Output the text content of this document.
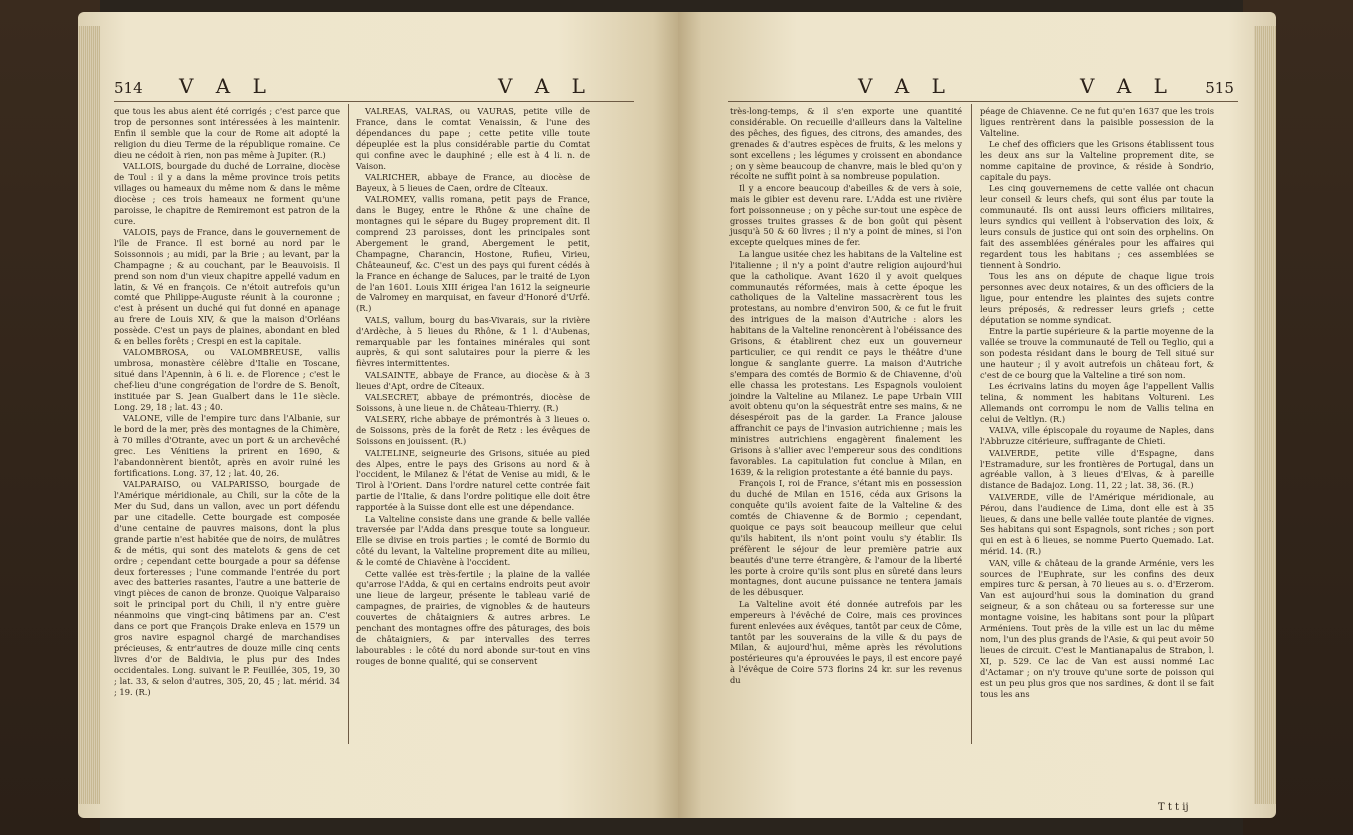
514 V A L	V A L

que tous les abus aient été corrigés ; c'est parce que trop de personnes sont intéressées à les maintenir. Enfin il semble que la cour de Rome ait adopté la religion du dieu Terme de la république romaine. Ce dieu ne cédoit à rien, non pas même à Jupiter. (R.)

VALLOIS, bourgade du duché de Lorraine, diocèse de Toul : il y a dans la même province trois petits villages ou hameaux du même nom & dans le même diocèse ; ces trois hameaux ne forment qu'une paroisse, le chapitre de Remiremont est patron de la cure.

VALOIS, pays de France, dans le gouvernement de l'île de France. Il est borné au nord par le Soissonnois ; au midi, par la Brie ; au levant, par la Champagne ; & au couchant, par le Beauvoisis. Il prend son nom d'un vieux chapitre appellé vadum en latin, & Vé en françois. Ce n'étoit autrefois qu'un comté que Philippe-Auguste réunit à la couronne ; c'est à présent un duché qui fut donné en apanage au frere de Louis XIV, & que la maison d'Orléans possède. C'est un pays de plaines, abondant en bled & en belles forêts ; Crespi en est la capitale.

VALOMBROSA, ou VALOMBREUSE, vallis umbrosa, monastère célèbre d'Italie en Toscane, situé dans l'Apennin, à 6 li. e. de Florence ; c'est le chef-lieu d'une congrégation de l'ordre de S. Benoît, instituée par S. Jean Gualbert dans le 11e siècle. Long. 29, 18 ; lat. 43 ; 40.

VALONE, ville de l'empire turc dans l'Albanie, sur le bord de la mer, près des montagnes de la Chimère, à 70 milles d'Otrante, avec un port & un archevêché grec. Les Vénitiens la prirent en 1690, & l'abandonnèrent bientôt, après en avoir ruiné les fortifications. Long. 37, 12 ; lat. 40, 26.

VALPARAISO, ou VALPARISSO, bourgade de l'Amérique méridionale, au Chili, sur la côte de la Mer du Sud, dans un vallon, avec un port défendu par une citadelle. Cette bourgade est composée d'une centaine de pauvres maisons, dont la plus grande partie n'est habitée que de noirs, de mulâtres & de métis, qui sont des matelots & gens de cet ordre ; cependant cette bourgade a pour sa défense deux forteresses ; l'une commande l'entrée du port avec des batteries rasantes, l'autre a une batterie de vingt pièces de canon de bronze. Quoique Valparaiso soit le principal port du Chili, il n'y entre guère néanmoins que vingt-cinq bâtimens par an. C'est dans ce port que François Drake enleva en 1579 un gros navire espagnol chargé de marchandises précieuses, & entr'autres de douze mille cinq cents livres d'or de Baldivia, le plus pur des Indes occidentales. Long. suivant le P. Feuillée, 305, 19, 30 ; lat. 33, & selon d'autres, 305, 20, 45 ; lat. mérid. 34 ; 19. (R.)

VALREAS, VALRAS, ou VAURAS, petite ville de France, dans le comtat Venaissin, & l'une des dépendances du pape ; cette petite ville toute dépeuplée est la plus considérable partie du Comtat qui confine avec le dauphiné ; elle est à 4 li. n. de Vaison.

VALRICHER, abbaye de France, au diocèse de Bayeux, à 5 lieues de Caen, ordre de Cîteaux.

VALROMEY, vallis romana, petit pays de France, dans le Bugey, entre le Rhône & une chaîne de montagnes qui le sépare du Bugey proprement dit. Il comprend 23 paroisses, dont les principales sont Abergement le grand, Abergement le petit, Champagne, Charancin, Hostone, Rufieu, Virieu, Châteauneuf, &c. C'est un des pays qui furent cédés à la France en échange de Saluces, par le traité de Lyon de l'an 1601. Louis XIII érigea l'an 1612 la seigneurie de Valromey en marquisat, en faveur d'Honoré d'Urfé. (R.)

VALS, vallum, bourg du bas-Vivarais, sur la rivière d'Ardèche, à 5 lieues du Rhône, & 1 l. d'Aubenas, remarquable par les fontaines minérales qui sont auprès, & qui sont salutaires pour la pierre & les fièvres intermittentes.

VALSAINTE, abbaye de France, au diocèse & à 3 lieues d'Apt, ordre de Cîteaux.

VALSECRET, abbaye de prémontrés, diocèse de Soissons, à une lieue n. de Château-Thierry. (R.)

VALSERY, riche abbaye de prémontrés à 3 lieues o. de Soissons, près de la forêt de Retz : les évêques de Soissons en jouissent. (R.)

VALTELINE, seigneurie des Grisons, située au pied des Alpes, entre le pays des Grisons au nord & à l'occident, le Milanez & l'état de Venise au midi, & le Tirol à l'Orient. Dans l'ordre naturel cette contrée fait partie de l'Italie, & dans l'ordre politique elle doit être rapportée à la Suisse dont elle est une dépendance.

La Valteline consiste dans une grande & belle vallée traversée par l'Adda dans presque toute sa longueur. Elle se divise en trois parties ; le comté de Bormio du côté du levant, la Valteline proprement dite au milieu, & le comté de Chiavène à l'occident.

Cette vallée est très-fertile ; la plaine de la vallée qu'arrose l'Adda, & qui en certains endroits peut avoir une lieue de largeur, présente le tableau varié de campagnes, de prairies, de vignobles & de hauteurs couvertes de châtaigniers & autres arbres. Le penchant des montagnes offre des pâturages, des bois de châtaigniers, & par intervalles des terres labourables : le côté du nord abonde sur-tout en vins rouges de bonne qualité, qui se conservent

V A L	V A L 515

très-long-temps, & il s'en exporte une quantité considérable. On recueille d'ailleurs dans la Valteline des pêches, des figues, des citrons, des amandes, des grenades & d'autres espèces de fruits, & les melons y sont excellens ; les légumes y croissent en abondance ; on y sème beaucoup de chanvre, mais le bled qu'on y récolte ne suffit point à sa nombreuse population.

Il y a encore beaucoup d'abeilles & de vers à soie, mais le gibier est devenu rare. L'Adda est une rivière fort poissonneuse ; on y pêche sur-tout une espèce de grosses truites grasses & de bon goût qui pèsent jusqu'à 50 & 60 livres ; il n'y a point de mines, si l'on excepte quelques mines de fer.

La langue usitée chez les habitans de la Valteline est l'italienne ; il n'y a point d'autre religion aujourd'hui que la catholique. Avant 1620 il y avoit quelques communautés réformées, mais à cette époque les catholiques de la Valteline massacrèrent tous les protestans, au nombre d'environ 500, & ce fut le fruit des intrigues de la maison d'Autriche : alors les habitans de la Valteline renoncèrent à l'obéissance des Grisons, & établirent chez eux un gouverneur particulier, ce qui rendit ce pays le théâtre d'une longue & sanglante guerre. La maison d'Autriche s'empara des comtés de Bormio & de Chiavenne, d'où elle chassa les protestans. Les Espagnols vouloient joindre la Valteline au Milanez. Le pape Urbain VIII avoit obtenu qu'on la séquestrât entre ses mains, & ne désespéroit pas de la garder. La France jalouse affranchit ce pays de l'invasion autrichienne ; mais les ministres autrichiens engagèrent finalement les Grisons à s'allier avec l'empereur sous des conditions favorables. La capitulation fut conclue à Milan, en 1639, & la religion protestante a été bannie du pays.

François I, roi de France, s'étant mis en possession du duché de Milan en 1516, céda aux Grisons la conquête qu'ils avoient faite de la Valteline & des comtés de Chiavenne & de Bormio ; cependant, quoique ce pays soit beaucoup meilleur que celui qu'ils habitent, ils n'ont point voulu s'y établir. Ils préfèrent le séjour de leur première patrie aux beautés d'une terre étrangère, & l'amour de la liberté les porte à croire qu'ils sont plus en sûreté dans leurs montagnes, dont aucune puissance ne tentera jamais de les débusquer.

La Valteline avoit été donnée autrefois par les empereurs à l'évêché de Coire, mais ces provinces furent enlevées aux évêques, tantôt par ceux de Côme, tantôt par les souverains de la ville & du pays de Milan, & aujourd'hui, même après les révolutions postérieures qu'a éprouvées le pays, il est encore payé à l'évêque de Coire 573 florins 24 kr. sur les revenus du

péage de Chiavenne. Ce ne fut qu'en 1637 que les trois ligues rentrèrent dans la paisible possession de la Valteline.

Le chef des officiers que les Grisons établissent tous les deux ans sur la Valteline proprement dite, se nomme capitaine de province, & réside à Sondrio, capitale du pays.

Les cinq gouvernemens de cette vallée ont chacun leur conseil & leurs chefs, qui sont élus par toute la communauté. Ils ont aussi leurs officiers militaires, leurs syndics qui veillent à l'observation des loix, & leurs consuls de justice qui ont soin des orphelins. On fait des assemblées générales pour les affaires qui regardent tous les habitans ; ces assemblées se tiennent à Sondrio.

Tous les ans on députe de chaque ligue trois personnes avec deux notaires, & un des officiers de la ligue, pour entendre les plaintes des sujets contre leurs préposés, & redresser leurs griefs ; cette députation se nomme syndicat.

Entre la partie supérieure & la partie moyenne de la vallée se trouve la communauté de Tell ou Teglio, qui a son podesta résidant dans le bourg de Tell situé sur une hauteur ; il y avoit autrefois un château fort, & c'est de ce bourg que la Valteline a tiré son nom.

Les écrivains latins du moyen âge l'appellent Vallis telina, & nomment les habitans Voltureni. Les Allemands ont corrompu le nom de Vallis telina en celui de Veltlyn. (R.)

VALVA, ville épiscopale du royaume de Naples, dans l'Abbruzze citérieure, suffragante de Chieti.

VALVERDE, petite ville d'Espagne, dans l'Estramadure, sur les frontières de Portugal, dans un agréable vallon, à 3 lieues d'Elvas, & à pareille distance de Badajoz. Long. 11, 22 ; lat. 38, 36. (R.)

VALVERDE, ville de l'Amérique méridionale, au Pérou, dans l'audience de Lima, dont elle est à 35 lieues, & dans une belle vallée toute plantée de vignes. Ses habitans qui sont Espagnols, sont riches ; son port qui en est à 6 lieues, se nomme Puerto Quemado. Lat. mérid. 14. (R.)

VAN, ville & château de la grande Arménie, vers les sources de l'Euphrate, sur les confins des deux empires turc & persan, à 70 lieues au s. o. d'Erzerom. Van est aujourd'hui sous la domination du grand seigneur, & a son château ou sa forteresse sur une montagne voisine, les habitans sont pour la plûpart Arméniens. Tout près de la ville est un lac du même nom, l'un des plus grands de l'Asie, & qui peut avoir 50 lieues de circuit. C'est le Mantianapalus de Strabon, l. XI, p. 529. Ce lac de Van est aussi nommé Lac d'Actamar ; on n'y trouve qu'une sorte de poisson qui est un peu plus gros que nos sardines, & dont il se fait tous les ans

T t t ij
